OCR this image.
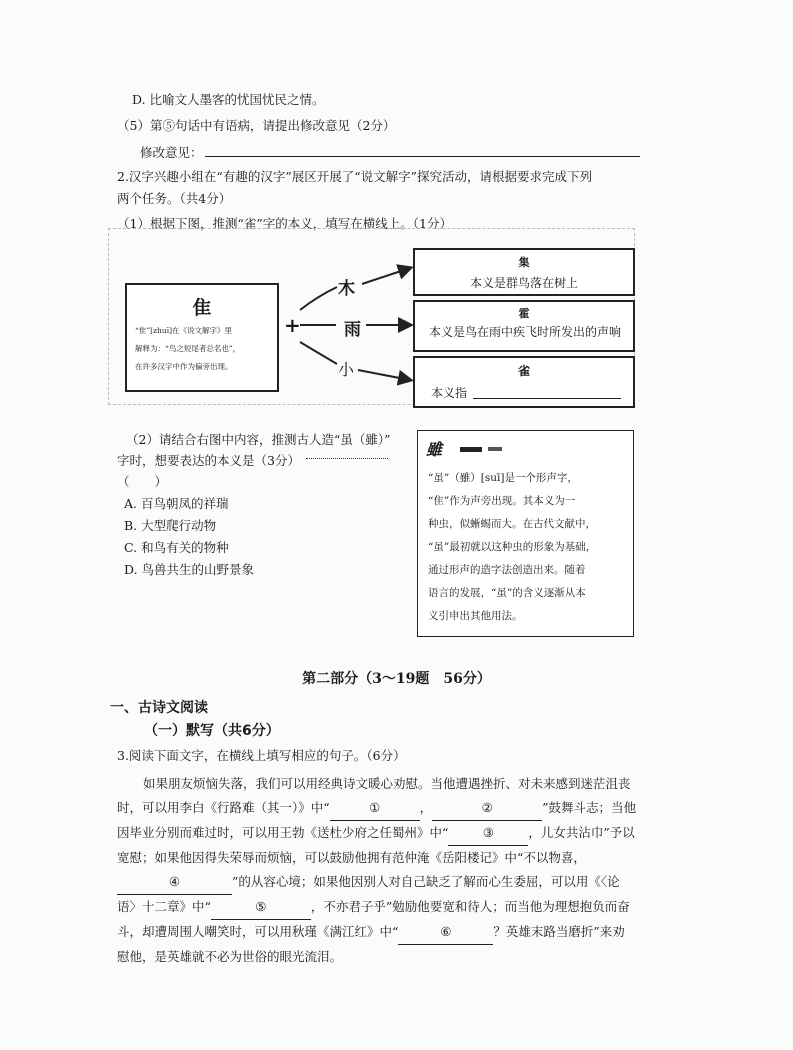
D. 比喻文人墨客的忧国忧民之情。
（5）第⑤句话中有语病，请提出修改意见（2分）
修改意见：
2.汉字兴趣小组在“有趣的汉字”展区开展了“说文解字”探究活动，请根据要求完成下列
两个任务。（共4分）
（1）根据下图，推测“雀”字的本义，填写在横线上。（1分）
隹
“隹”[zhuī]在《说文解字》里
解释为：“鸟之短尾者总名也”，
在许多汉字中作为偏旁出现。
+
木
雨
小
集
本义是群鸟落在树上
霍
本义是鸟在雨中疾飞时所发出的声响
雀
本义指
（2）请结合右图中内容，推测古人造“虽（雖）”
字时，想要表达的本义是（3分）
（　　）
A. 百鸟朝凤的祥瑞
B. 大型爬行动物
C. 和鸟有关的物种
D. 鸟兽共生的山野景象
雖
“虽”（雖）[suī]是一个形声字，
“隹”作为声旁出现。其本义为一
种虫，似蜥蜴而大。在古代文献中，
“虽”最初就以这种虫的形象为基础，
通过形声的造字法创造出来。随着
语言的发展，“虽”的含义逐渐从本
义引申出其他用法。
第二部分（3～19题　56分）
一、古诗文阅读
（一）默写（共6分）
3.阅读下面文字，在横线上填写相应的句子。（6分）
如果朋友烦恼失落，我们可以用经典诗文暖心劝慰。当他遭遇挫折、对未来感到迷茫沮丧时，可以用李白《行路难（其一）》中“	①	，	②	”鼓舞斗志；当他因毕业分别而难过时，可以用王勃《送杜少府之任蜀州》中“	③	，儿女共沾巾”予以宽慰；如果他因得失荣辱而烦恼，可以鼓励他拥有范仲淹《岳阳楼记》中“不以物喜，④	”的从容心境；如果他因别人对自己缺乏了解而心生委屈，可以用《〈论语〉十二章》中“	⑤	，不亦君子乎”勉励他要宽和待人；而当他为理想抱负而奋斗，却遭周围人嘲笑时，可以用秋瑾《满江红》中“	⑥	？英雄末路当磨折”来劝慰他，是英雄就不必为世俗的眼光流泪。
